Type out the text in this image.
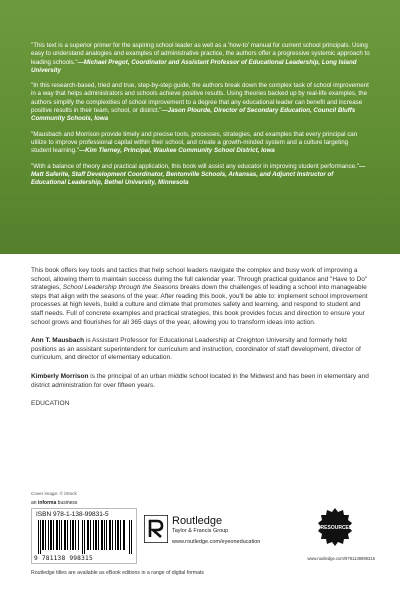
"This text is a superior primer for the aspiring school leader as well as a 'how-to' manual for current school principals. Using easy to understand analogies and examples of administrative practice, the authors offer a progressive systemic approach to leading schools."—Michael Pregot, Coordinator and Assistant Professor of Educational Leadership, Long Island University

"In this research-based, tried and true, step-by-step guide, the authors break down the complex task of school improvement in a way that helps administrators and schools achieve positive results. Using theories backed up by real-life examples, the authors simplify the complexities of school improvement to a degree that any educational leader can benefit and increase positive results in their team, school, or district."—Jason Plourde, Director of Secondary Education, Council Bluffs Community Schools, Iowa

"Mausbach and Morrison provide timely and precise tools, processes, strategies, and examples that every principal can utilize to improve professional capital within their school, and create a growth-minded system and a culture targeting student learning."—Kim Tierney, Principal, Waukee Community School District, Iowa

"With a balance of theory and practical application, this book will assist any educator in improving student performance."—Matt Saferite, Staff Development Coordinator, Bentonville Schools, Arkansas, and Adjunct Instructor of Educational Leadership, Bethel University, Minnesota

This book offers key tools and tactics that help school leaders navigate the complex and busy work of improving a school, allowing them to maintain success during the full calendar year. Through practical guidance and "Have to Do" strategies, School Leadership through the Seasons breaks down the challenges of leading a school into manageable steps that align with the seasons of the year. After reading this book, you'll be able to: implement school improvement processes at high levels, build a culture and climate that promotes safety and learning, and respond to student and staff needs. Full of concrete examples and practical strategies, this book provides focus and direction to ensure your school grows and flourishes for all 365 days of the year, allowing you to transform ideas into action.

Ann T. Mausbach is Assistant Professor for Educational Leadership at Creighton University and formerly held positions as an assistant superintendent for curriculum and instruction, coordinator of staff development, director of curriculum, and director of elementary education.

Kimberly Morrison is the principal of an urban middle school located in the Midwest and has been in elementary and district administration for over fifteen years.

EDUCATION
Cover image: © iStock
an informa business
ISBN 978-1-138-99831-5
9 781138 998315
Routledge
Taylor & Francis Group
www.routledge.com/eyeoneducation
eRESOURCES
www.routledge.com/9781138998315
Routledge titles are available as eBook editions in a range of digital formats
